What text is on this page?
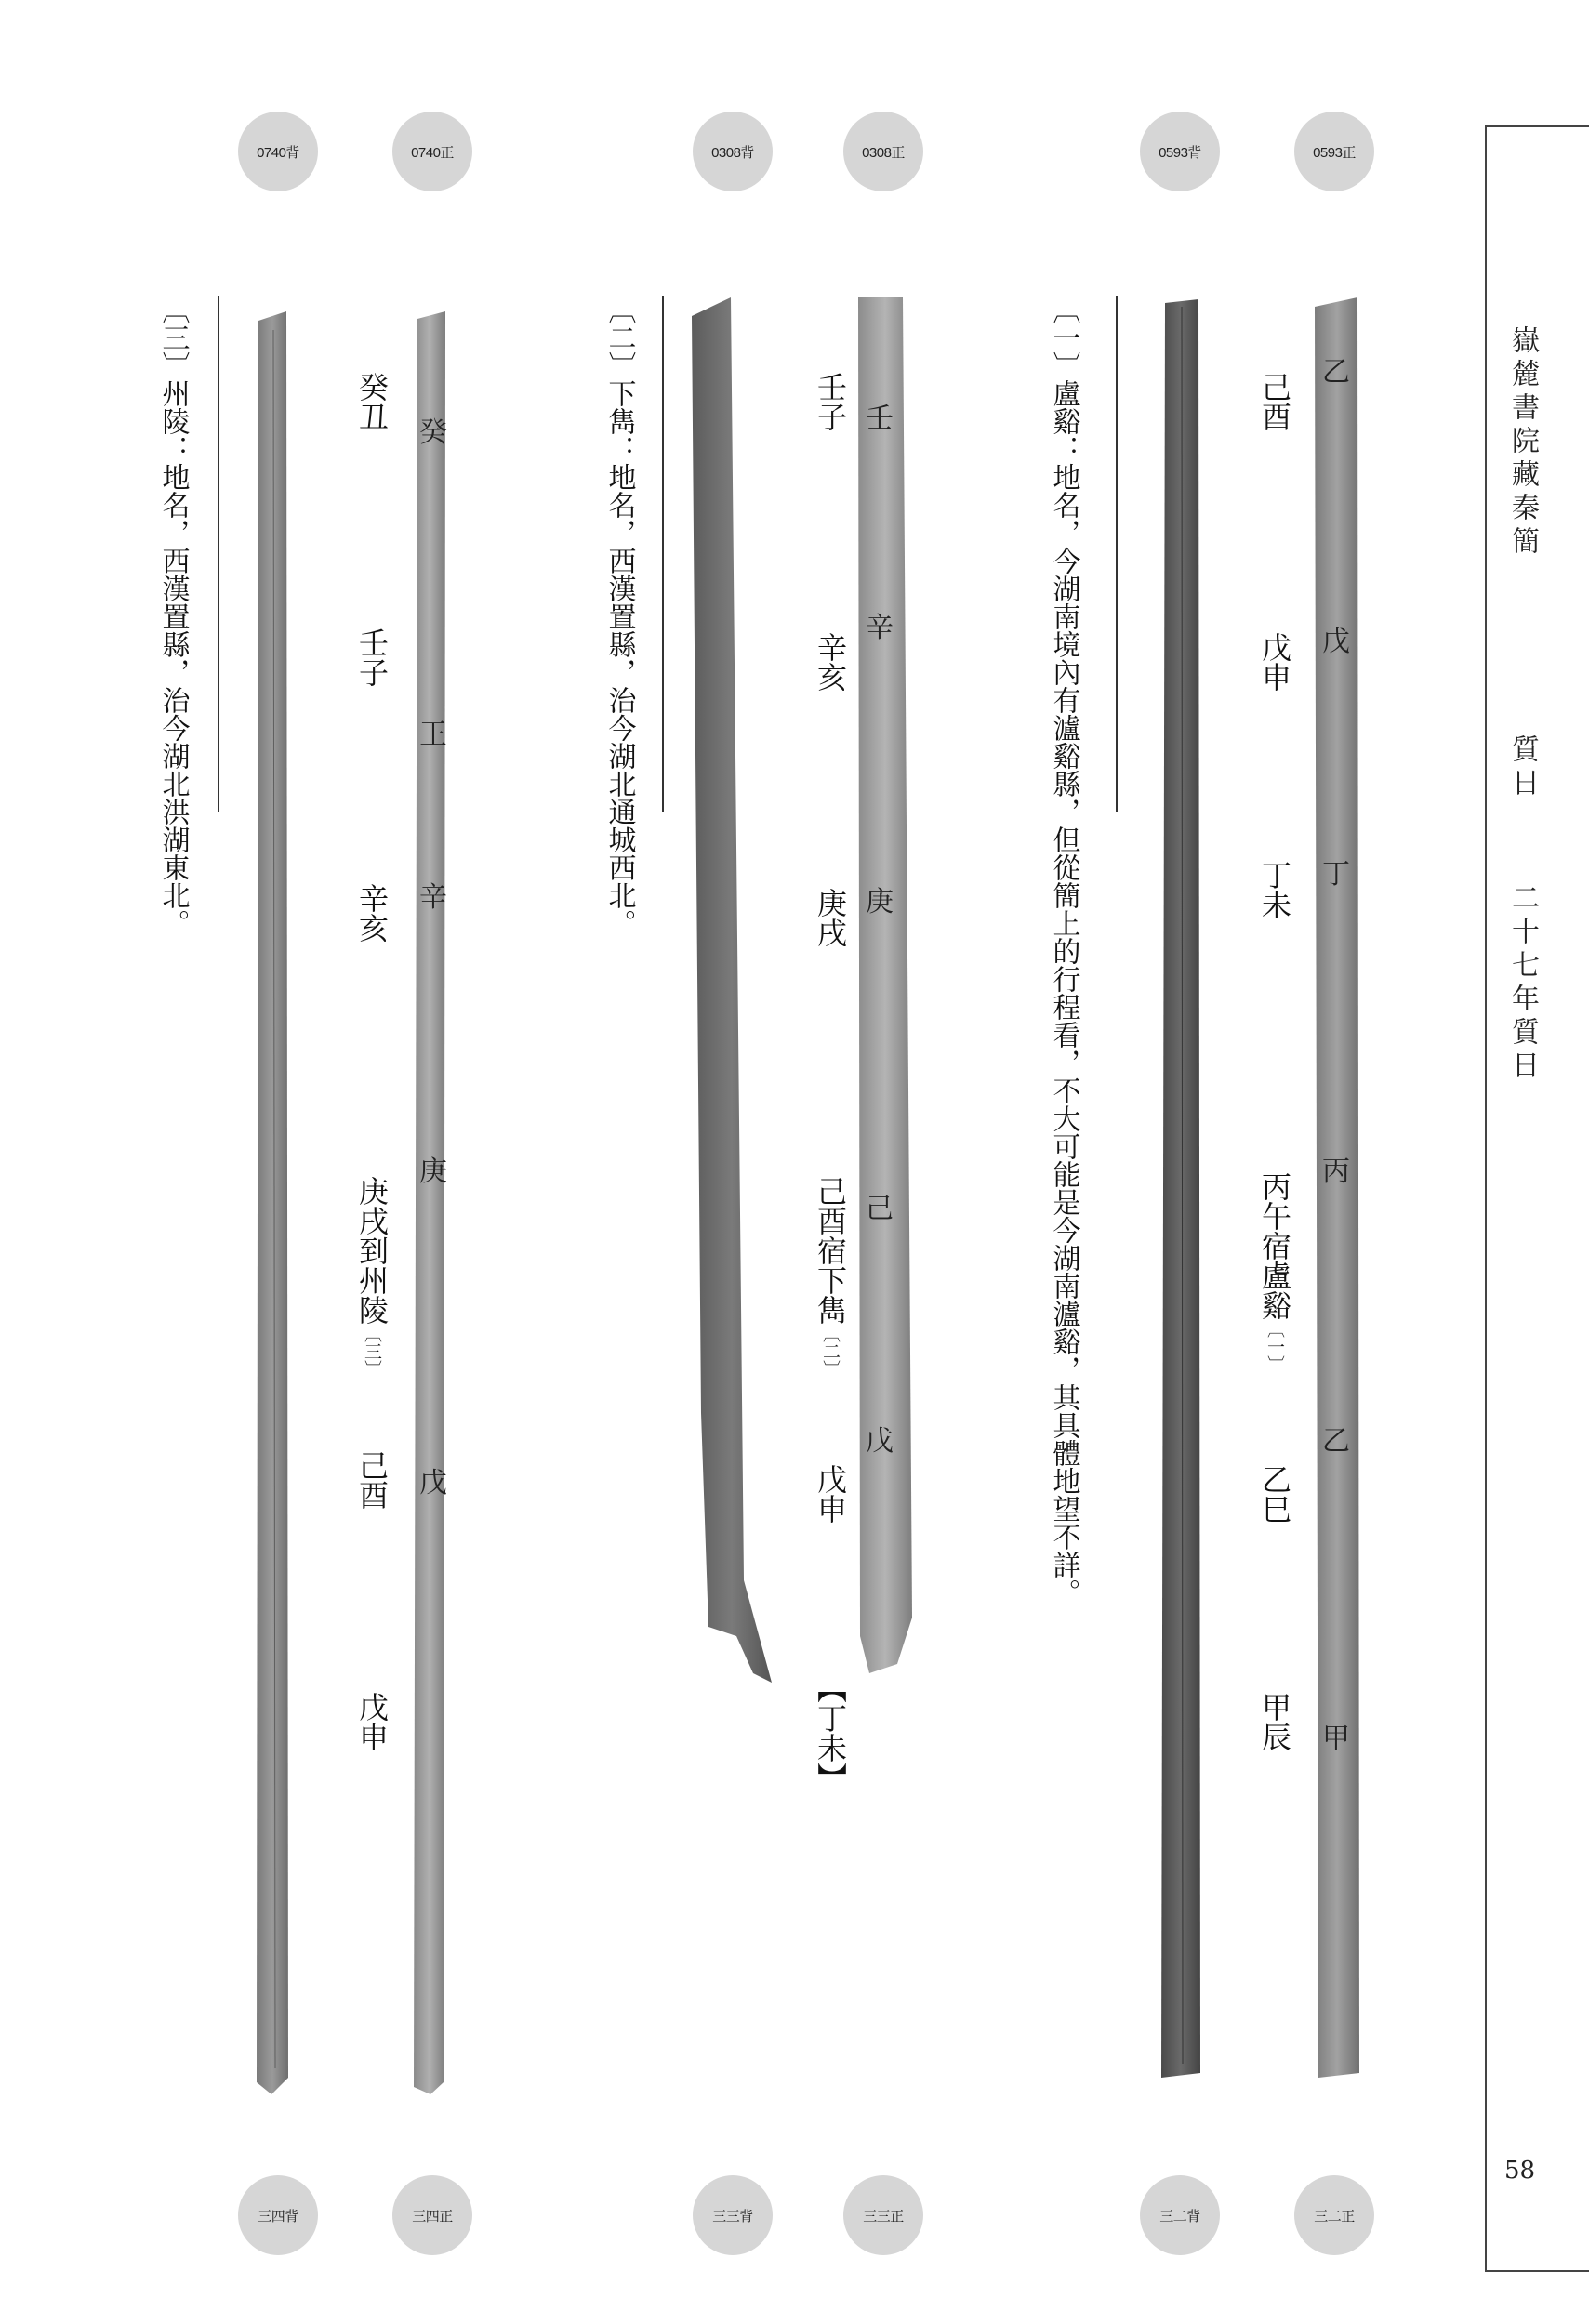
0740背	0740正	0308背	0308正	0593背	0593正
癸
王
辛
庚
戊
壬
辛
庚
己
戊
乙
戊
丁
丙
乙
甲
己酉
戊申
丁未
丙午宿盧谿〔一〕
乙巳
甲辰
壬子
辛亥
庚戌
己酉宿下雋〔二〕
戊申
【丁未】
癸丑
壬子
辛亥
庚戌到州陵〔三〕
己酉
戊申
〔一〕盧谿：地名，今湖南境內有瀘谿縣，但從簡上的行程看，不大可能是今湖南瀘谿，其具體地望不詳。
〔二〕下雋：地名，西漢置縣，治今湖北通城西北。
〔三〕州陵：地名，西漢置縣，治今湖北洪湖東北。
三四背	三四正	三三背	三三正	三二背	三二正
嶽麓書院藏秦簡
質日
二十七年質日
58
